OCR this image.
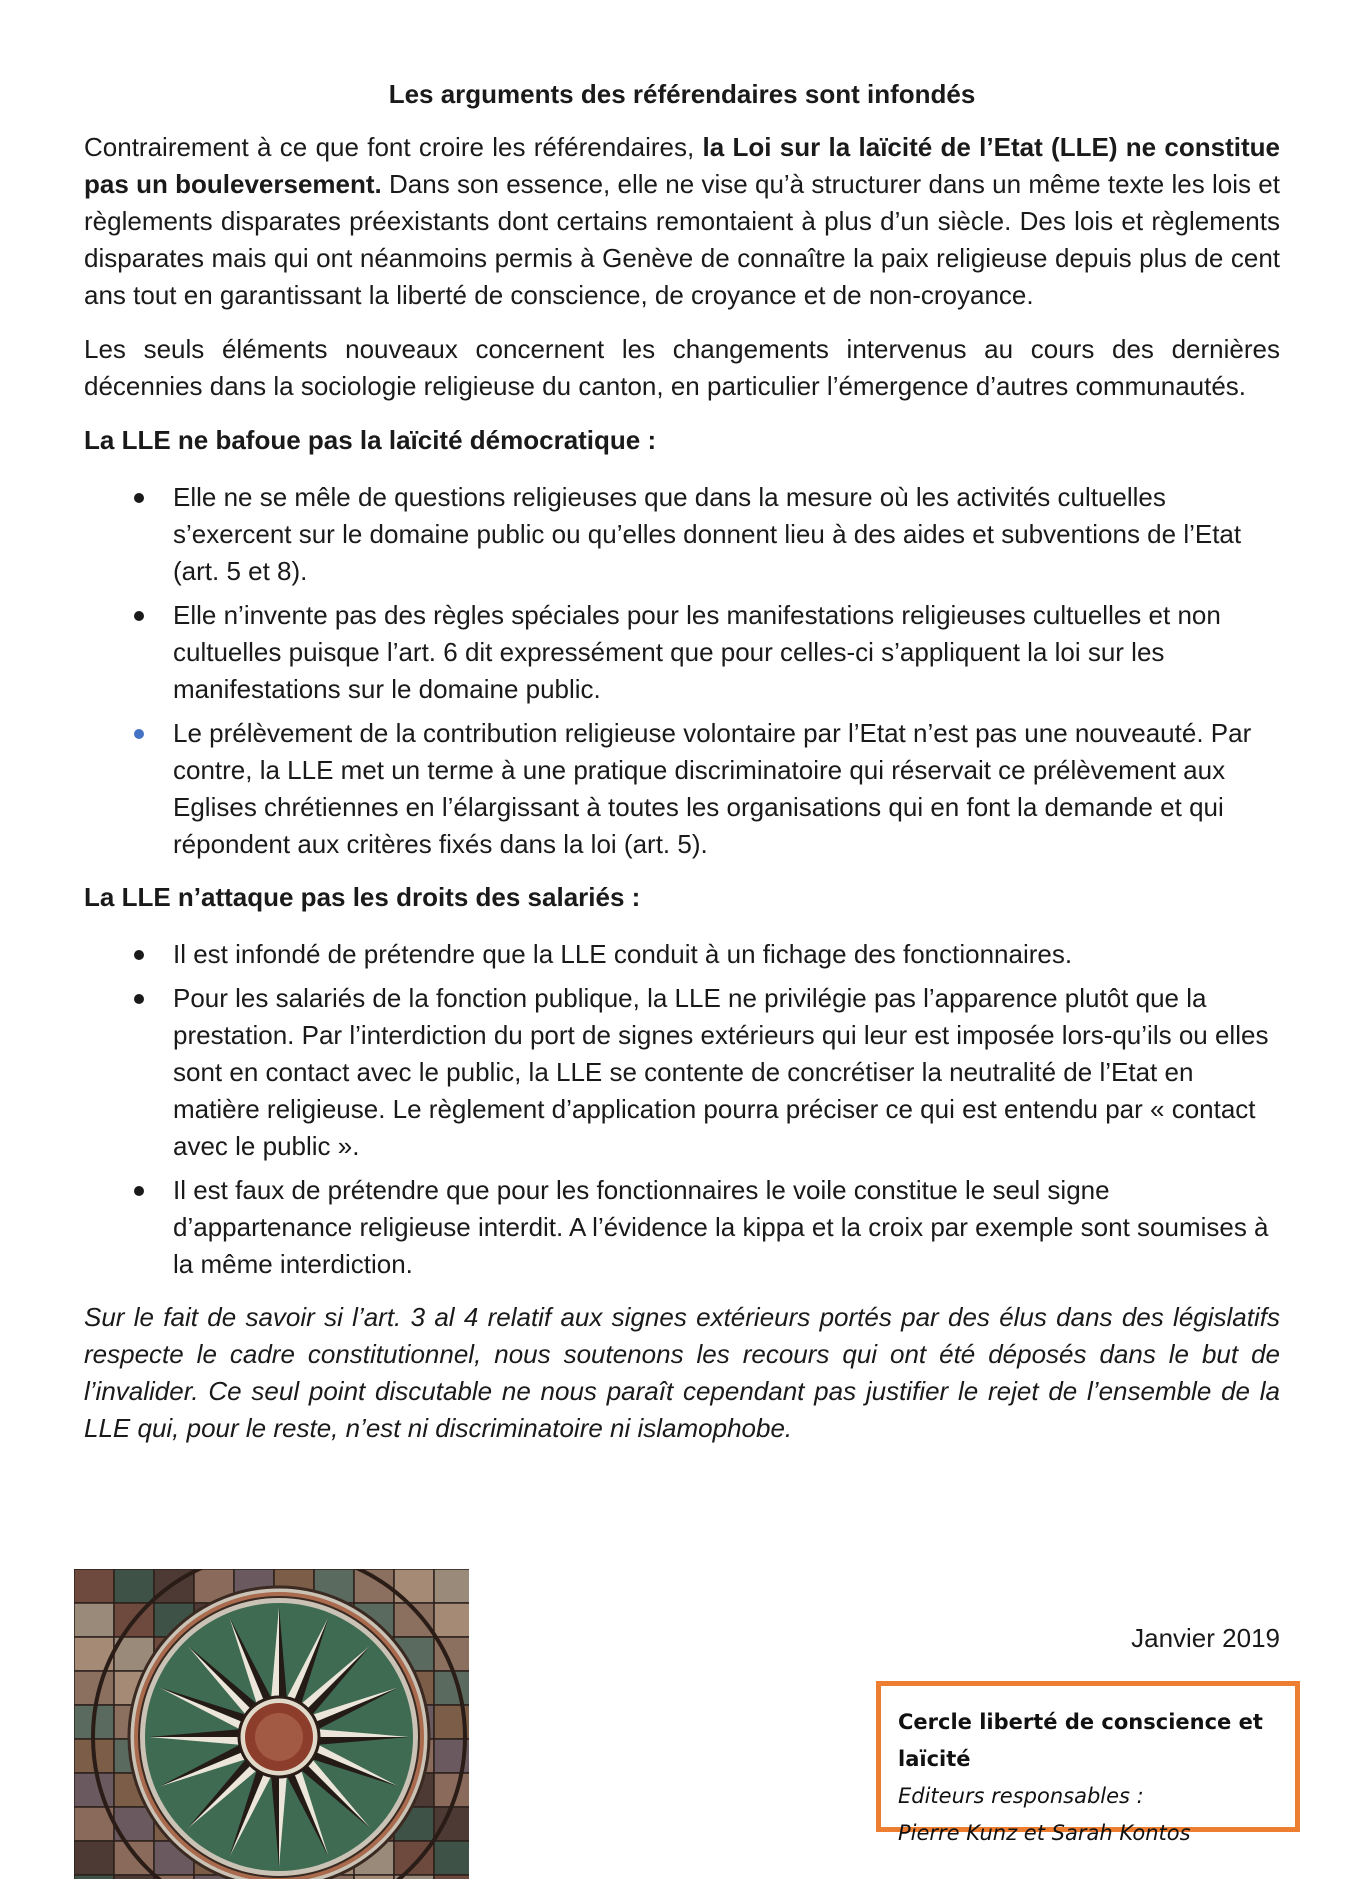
Les arguments des référendaires sont infondés

Contrairement à ce que font croire les référendaires, la Loi sur la laïcité de l’Etat (LLE) ne constitue pas un bouleversement. Dans son essence, elle ne vise qu’à structurer dans un même texte les lois et règlements disparates préexistants dont certains remontaient à plus d’un siècle. Des lois et règlements disparates mais qui ont néanmoins permis à Genève de connaître la paix religieuse depuis plus de cent ans tout en garantissant la liberté de conscience, de croyance et de non-croyance.

Les seuls éléments nouveaux concernent les changements intervenus au cours des dernières décennies dans la sociologie religieuse du canton, en particulier l’émergence d’autres communautés.

La LLE ne bafoue pas la laïcité démocratique :
Elle ne se mêle de questions religieuses que dans la mesure où les activités cultuelles s’exercent sur le domaine public ou qu’elles donnent lieu à des aides et subventions de l’Etat (art. 5 et 8).
Elle n’invente pas des règles spéciales pour les manifestations religieuses cultuelles et non cultuelles puisque l’art. 6 dit expressément que pour celles-ci s’appliquent la loi sur les manifestations sur le domaine public.
Le prélèvement de la contribution religieuse volontaire par l’Etat n’est pas une nouveauté. Par contre, la LLE met un terme à une pratique discriminatoire qui réservait ce prélèvement aux Eglises chrétiennes en l’élargissant à toutes les organisations qui en font la demande et qui répondent aux critères fixés dans la loi (art. 5).
La LLE n’attaque pas les droits des salariés :
Il est infondé de prétendre que la LLE conduit à un fichage des fonctionnaires.
Pour les salariés de la fonction publique, la LLE ne privilégie pas l’apparence plutôt que la prestation. Par l’interdiction du port de signes extérieurs qui leur est imposée lors-qu’ils ou elles sont en contact avec le public, la LLE se contente de concrétiser la neutralité de l’Etat en matière religieuse. Le règlement d’application pourra préciser ce qui est entendu par « contact avec le public ».
Il est faux de prétendre que pour les fonctionnaires le voile constitue le seul signe d’appartenance religieuse interdit. A l’évidence la kippa et la croix par exemple sont soumises à la même interdiction.

Sur le fait de savoir si l’art. 3 al 4 relatif aux signes extérieurs portés par des élus dans des législatifs respecte le cadre constitutionnel, nous soutenons les recours qui ont été déposés dans le but de l’invalider. Ce seul point discutable ne nous paraît cependant pas justifier le rejet de l’ensemble de la LLE qui, pour le reste, n’est ni discriminatoire ni islamophobe.

Janvier 2019
Cercle liberté de conscience et laïcité
Editeurs responsables :
Pierre Kunz et Sarah Kontos
